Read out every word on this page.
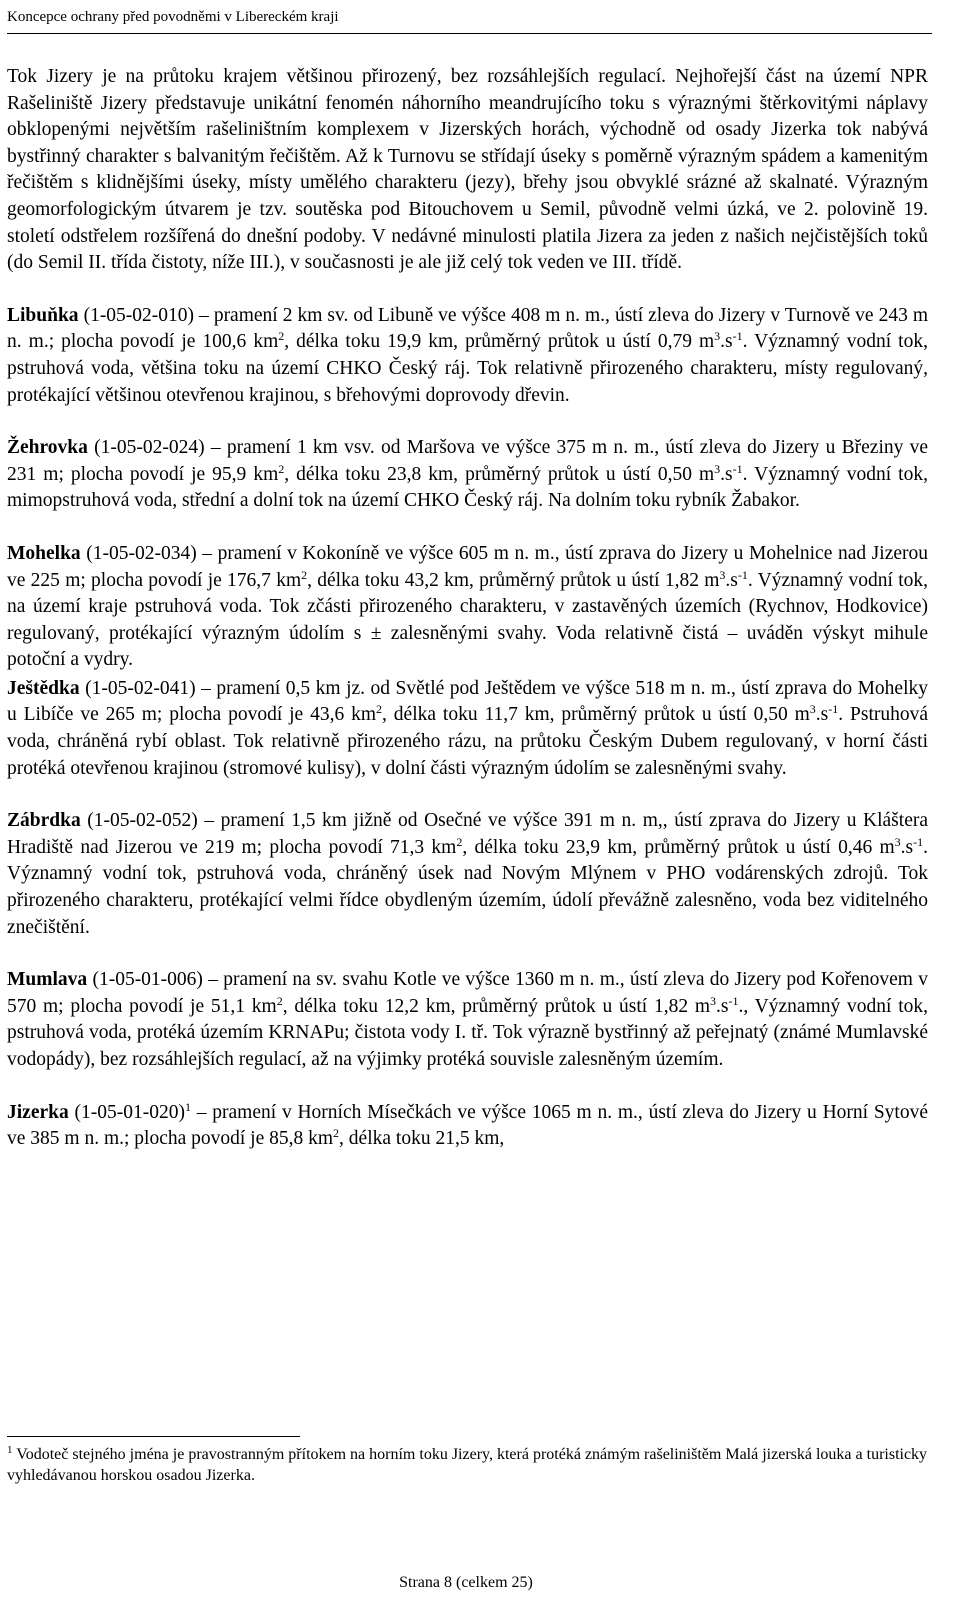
Koncepce ochrany před povodněmi v Libereckém kraji

Tok Jizery je na průtoku krajem většinou přirozený, bez rozsáhlejších regulací. Nejhořejší část na území NPR Rašeliniště Jizery představuje unikátní fenomén náhorního meandrujícího toku s výraznými štěrkovitými náplavy obklopenými největším rašeliništním komplexem v Jizerských horách, východně od osady Jizerka tok nabývá bystřinný charakter s balvanitým řečištěm. Až k Turnovu se střídají úseky s poměrně výrazným spádem a kamenitým řečištěm s klidnějšími úseky, místy umělého charakteru (jezy), břehy jsou obvyklé srázné až skalnaté. Výrazným geomorfologickým útvarem je tzv. soutěska pod Bitouchovem u Semil, původně velmi úzká, ve 2. polovině 19. století odstřelem rozšířená do dnešní podoby. V nedávné minulosti platila Jizera za jeden z našich nejčistějších toků (do Semil II. třída čistoty, níže III.), v současnosti je ale již celý tok veden ve III. třídě.

Libuňka (1-05-02-010) – pramení 2 km sv. od Libuně ve výšce 408 m n. m., ústí zleva do Jizery v Turnově ve 243 m n. m.; plocha povodí je 100,6 $km^2$, délka toku 19,9 km, průměrný průtok u ústí 0,79 $m^3.s^{-1}$. Významný vodní tok, pstruhová voda, většina toku na území CHKO Český ráj. Tok relativně přirozeného charakteru, místy regulovaný, protékající většinou otevřenou krajinou, s břehovými doprovody dřevin.

Žehrovka (1-05-02-024) – pramení 1 km vsv. od Maršova ve výšce 375 m n. m., ústí zleva do Jizery u Březiny ve 231 m; plocha povodí je 95,9 $km^2$, délka toku 23,8 km, průměrný průtok u ústí 0,50 $m^3.s^{-1}$. Významný vodní tok, mimopstruhová voda, střední a dolní tok na území CHKO Český ráj. Na dolním toku rybník Žabakor.

Mohelka (1-05-02-034) – pramení v Kokoníně ve výšce 605 m n. m., ústí zprava do Jizery u Mohelnice nad Jizerou ve 225 m; plocha povodí je 176,7 $km^2$, délka toku 43,2 km, průměrný průtok u ústí 1,82 $m^3.s^{-1}$. Významný vodní tok, na území kraje pstruhová voda. Tok zčásti přirozeného charakteru, v zastavěných územích (Rychnov, Hodkovice) regulovaný, protékající výrazným údolím s ± zalesněnými svahy. Voda relativně čistá – uváděn výskyt mihule potoční a vydry.

Ještědka (1-05-02-041) – pramení 0,5 km jz. od Světlé pod Ještědem ve výšce 518 m n. m., ústí zprava do Mohelky u Libíče ve 265 m; plocha povodí je 43,6 $km^2$, délka toku 11,7 km, průměrný průtok u ústí 0,50 $m^3.s^{-1}$. Pstruhová voda, chráněná rybí oblast. Tok relativně přirozeného rázu, na průtoku Českým Dubem regulovaný, v horní části protéká otevřenou krajinou (stromové kulisy), v dolní části výrazným údolím se zalesněnými svahy.

Zábrdka (1-05-02-052) – pramení 1,5 km jižně od Osečné ve výšce 391 m n. m,, ústí zprava do Jizery u Kláštera Hradiště nad Jizerou ve 219 m; plocha povodí 71,3 $km^2$, délka toku 23,9 km, průměrný průtok u ústí 0,46 $m^3.s^{-1}$. Významný vodní tok, pstruhová voda, chráněný úsek nad Novým Mlýnem v PHO vodárenských zdrojů. Tok přirozeného charakteru, protékající velmi řídce obydleným územím, údolí převážně zalesněno, voda bez viditelného znečištění.

Mumlava (1-05-01-006) – pramení na sv. svahu Kotle ve výšce 1360 m n. m., ústí zleva do Jizery pod Kořenovem v 570 m; plocha povodí je 51,1 $km^2$, délka toku 12,2 km, průměrný průtok u ústí 1,82 $m^3.s^{-1}$., Významný vodní tok, pstruhová voda, protéká územím KRNAPu; čistota vody I. tř. Tok výrazně bystřinný až peřejnatý (známé Mumlavské vodopády), bez rozsáhlejších regulací, až na výjimky protéká souvisle zalesněným územím.

Jizerka $(1-05-01-020)^1$ – pramení v Horních Mísečkách ve výšce 1065 m n. m., ústí zleva do Jizery u Horní Sytové ve 385 m n. m.; plocha povodí je 85,8 $km^2$, délka toku 21,5 km,

$^1$ Vodoteč stejného jména je pravostranným přítokem na horním toku Jizery, která protéká známým rašeliništěm Malá jizerská louka a turisticky vyhledávanou horskou osadou Jizerka.
Strana 8 (celkem 25)
